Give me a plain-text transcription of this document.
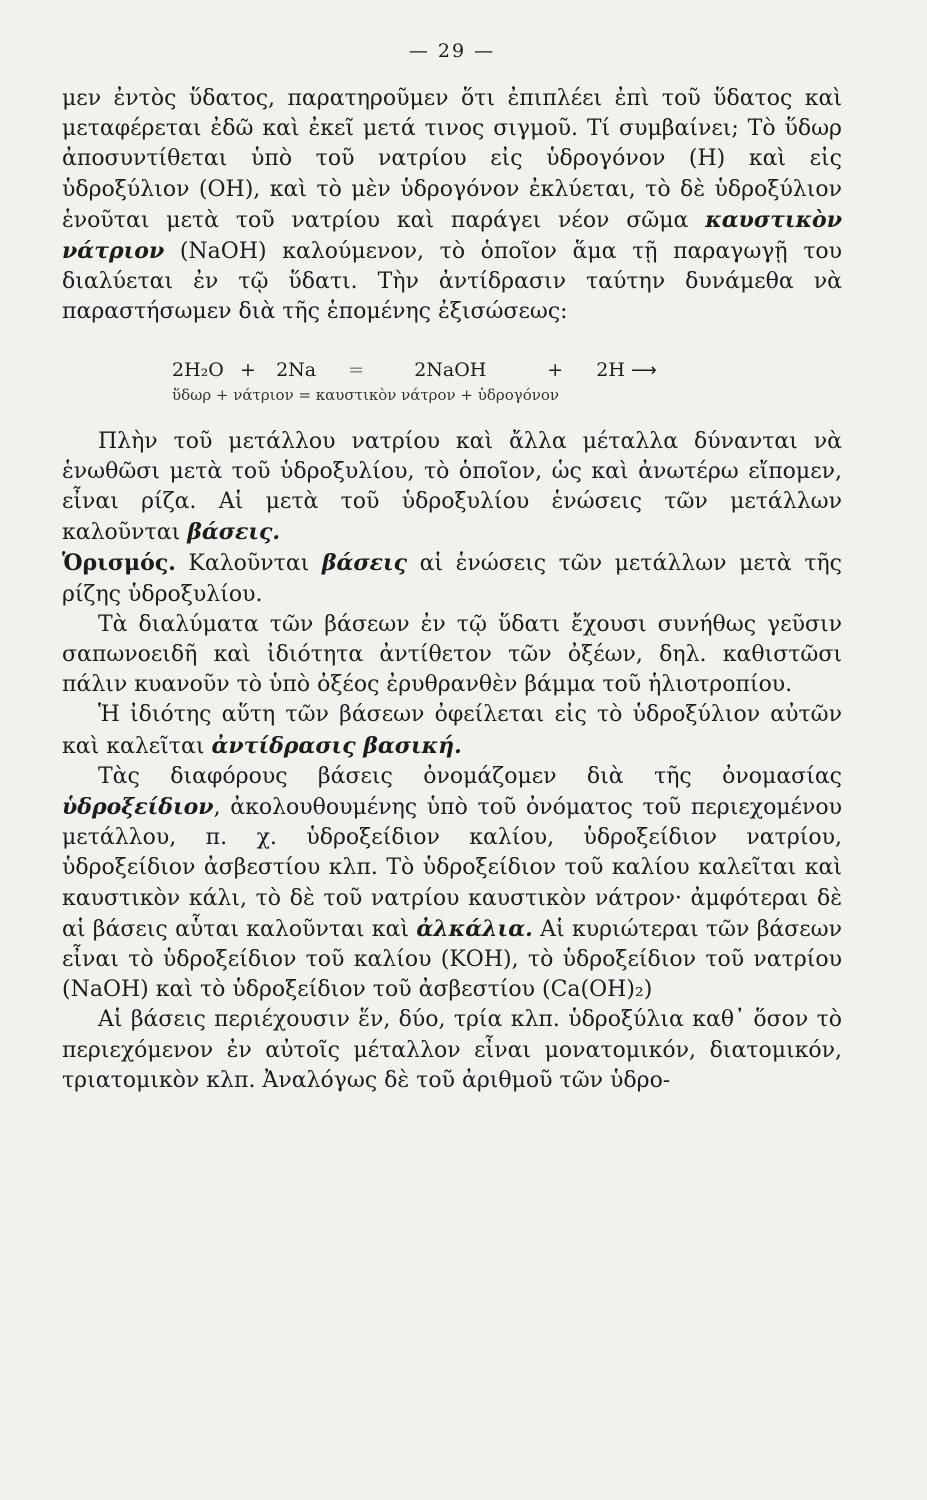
— 29 —

μεν ἐντὸς ὕδατος, παρατηροῦμεν ὅτι ἐπιπλέει ἐπὶ τοῦ ὕδατος καὶ μεταφέρεται ἐδῶ καὶ ἐκεῖ μετά τινος σιγμοῦ. Τί συμβαίνει; Τὸ ὕδωρ ἀποσυντίθεται ὑπὸ τοῦ νατρίου εἰς ὑδρογόνον (Η) καὶ εἰς ὑδροξύλιον (ΟΗ), καὶ τὸ μὲν ὑδρογόνον ἐκλύεται, τὸ δὲ ὑδροξύλιον ἑνοῦται μετὰ τοῦ νατρίου καὶ παράγει νέον σῶμα καυστικὸν νάτριον (NaOH) καλούμενον, τὸ ὁποῖον ἅμα τῇ παραγωγῇ του διαλύεται ἐν τῷ ὕδατι. Τὴν ἀντίδρασιν ταύτην δυνάμεθα νὰ παραστήσωμεν διὰ τῆς ἑπομένης ἐξισώσεως:

2H₂O + 2Na =	2NaOH	+ 2H ⟶
ὕδωρ + νάτριον = καυστικὸν νάτρον + ὑδρογόνον

Πλὴν τοῦ μετάλλου νατρίου καὶ ἄλλα μέταλλα δύνανται νὰ ἑνωθῶσι μετὰ τοῦ ὑδροξυλίου, τὸ ὁποῖον, ὡς καὶ ἀνωτέρω εἴπομεν, εἶναι ρίζα. Αἱ μετὰ τοῦ ὑδροξυλίου ἑνώσεις τῶν μετάλλων καλοῦνται βάσεις.

Ὁρισμός. Καλοῦνται βάσεις αἱ ἑνώσεις τῶν μετάλλων μετὰ τῆς ρίζης ὑδροξυλίου.

Τὰ διαλύματα τῶν βάσεων ἐν τῷ ὕδατι ἔχουσι συνήθως γεῦσιν σαπωνοειδῆ καὶ ἰδιότητα ἀντίθετον τῶν ὀξέων, δηλ. καθιστῶσι πάλιν κυανοῦν τὸ ὑπὸ ὀξέος ἐρυθρανθὲν βάμμα τοῦ ἡλιοτροπίου.

Ἡ ἰδιότης αὕτη τῶν βάσεων ὀφείλεται εἰς τὸ ὑδροξύλιον αὐτῶν καὶ καλεῖται ἀντίδρασις βασική.

Τὰς διαφόρους βάσεις ὀνομάζομεν διὰ τῆς ὀνομασίας ὑδροξείδιον, ἀκολουθουμένης ὑπὸ τοῦ ὀνόματος τοῦ περιεχομένου μετάλλου, π. χ. ὑδροξείδιον καλίου, ὑδροξείδιον νατρίου, ὑδροξείδιον ἀσβεστίου κλπ. Τὸ ὑδροξείδιον τοῦ καλίου καλεῖται καὶ καυστικὸν κάλι, τὸ δὲ τοῦ νατρίου καυστικὸν νάτρον· ἀμφότεραι δὲ αἱ βάσεις αὗται καλοῦνται καὶ ἀλκάλια. Αἱ κυριώτεραι τῶν βάσεων εἶναι τὸ ὑδροξείδιον τοῦ καλίου (ΚΟΗ), τὸ ὑδροξείδιον τοῦ νατρίου (NaOH) καὶ τὸ ὑδροξείδιον τοῦ ἀσβεστίου (Ca(OH)₂)

Αἱ βάσεις περιέχουσιν ἕν, δύο, τρία κλπ. ὑδροξύλια καθ᾽ ὅσον τὸ περιεχόμενον ἐν αὐτοῖς μέταλλον εἶναι μονατομικόν, διατομικόν, τριατομικὸν κλπ. Ἀναλόγως δὲ τοῦ ἀριθμοῦ τῶν ὑδρο-
